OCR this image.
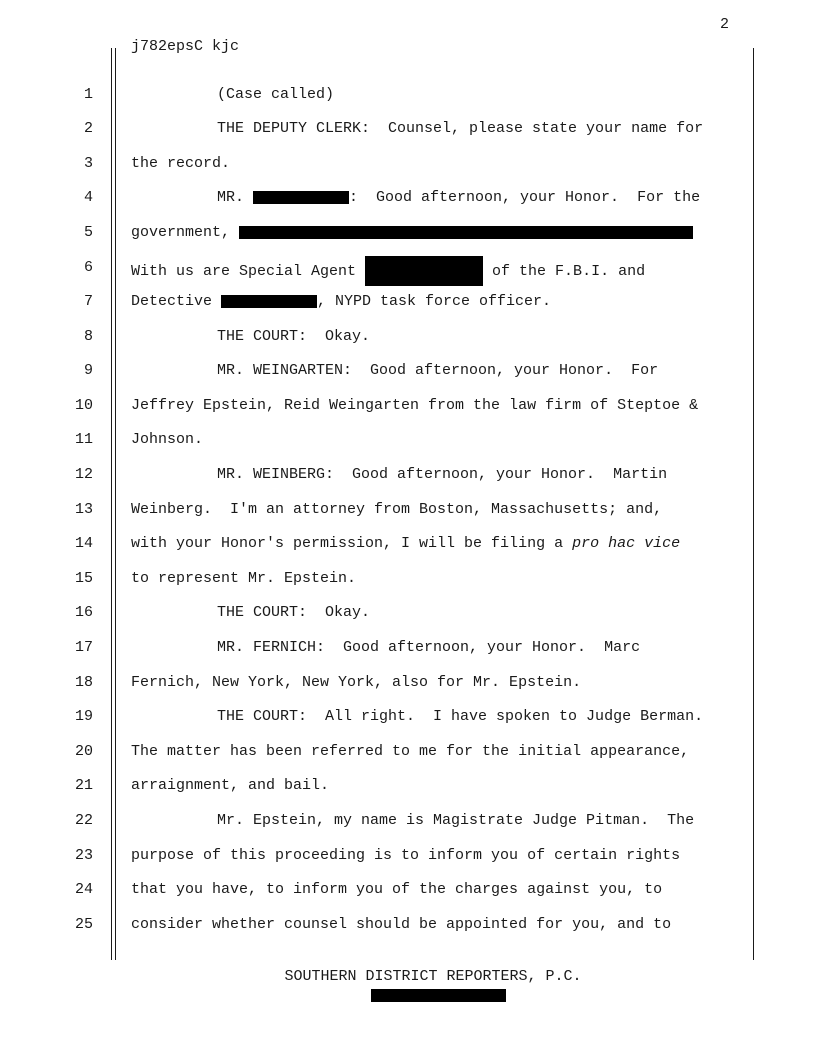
2
j782epsC kjc
1	(Case called)
2	THE DEPUTY CLERK:  Counsel, please state your name for
3	the record.
4	MR.	:  Good afternoon, your Honor.  For the
5	government,
6	With us are Special Agent	of the F.B.I. and
7	Detective	, NYPD task force officer.
8	THE COURT:  Okay.
9	MR. WEINGARTEN:  Good afternoon, your Honor.  For
10	Jeffrey Epstein, Reid Weingarten from the law firm of Steptoe &
11	Johnson.
12	MR. WEINBERG:  Good afternoon, your Honor.  Martin
13	Weinberg.  I'm an attorney from Boston, Massachusetts; and,
14	with your Honor's permission, I will be filing a pro hac vice
15	to represent Mr. Epstein.
16	THE COURT:  Okay.
17	MR. FERNICH:  Good afternoon, your Honor.  Marc
18	Fernich, New York, New York, also for Mr. Epstein.
19	THE COURT:  All right.  I have spoken to Judge Berman.
20	The matter has been referred to me for the initial appearance,
21	arraignment, and bail.
22	Mr. Epstein, my name is Magistrate Judge Pitman.  The
23	purpose of this proceeding is to inform you of certain rights
24	that you have, to inform you of the charges against you, to
25	consider whether counsel should be appointed for you, and to
SOUTHERN DISTRICT REPORTERS, P.C.
